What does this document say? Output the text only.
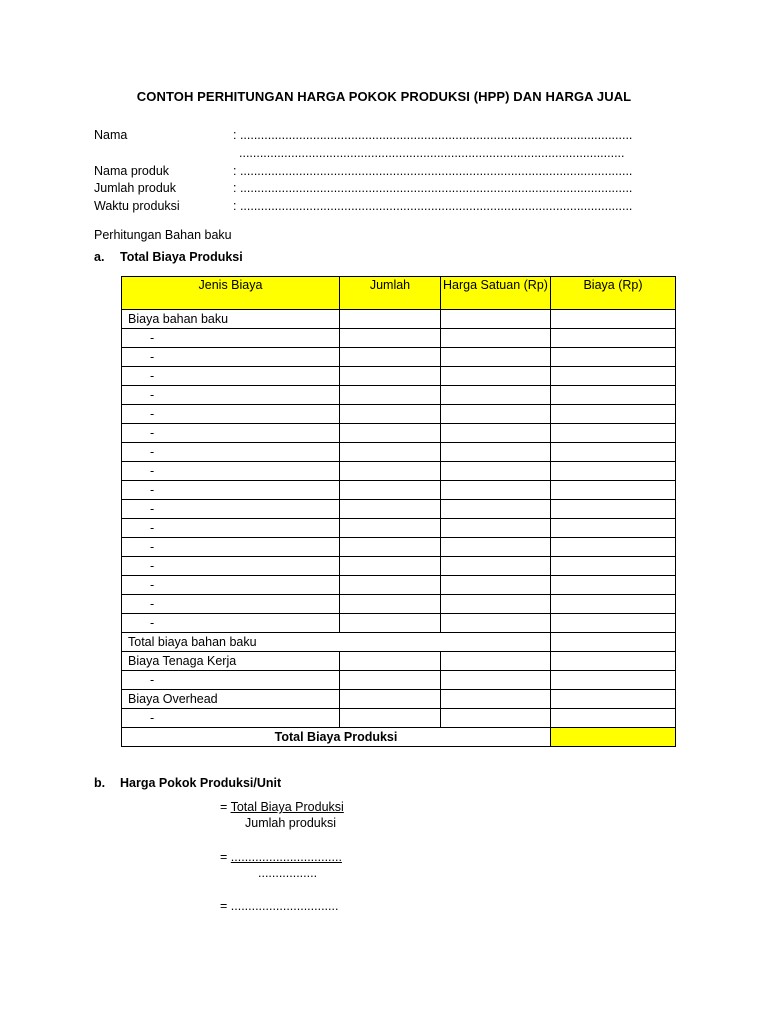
CONTOH PERHITUNGAN HARGA POKOK PRODUKSI (HPP) DAN HARGA JUAL
Nama	: .................................................................................................................
...............................................................................................................
Nama produk	: .................................................................................................................
Jumlah produk	: .................................................................................................................
Waktu produksi	: .................................................................................................................
Perhitungan Bahan baku
a. Total Biaya Produksi
Jenis Biaya	Jumlah	Harga Satuan (Rp)	Biaya (Rp)
Biaya bahan baku			
-			
-			
-			
-			
-			
-			
-			
-			
-			
-			
-			
-			
-			
-			
-			
-			
Total biaya bahan baku			
Biaya Tenaga Kerja			
-			
Biaya Overhead			
-			
Total Biaya Produksi			
b. Harga Pokok Produksi/Unit
= Total Biaya Produksi
Jumlah produksi
= ................................
.................
= ...............................
